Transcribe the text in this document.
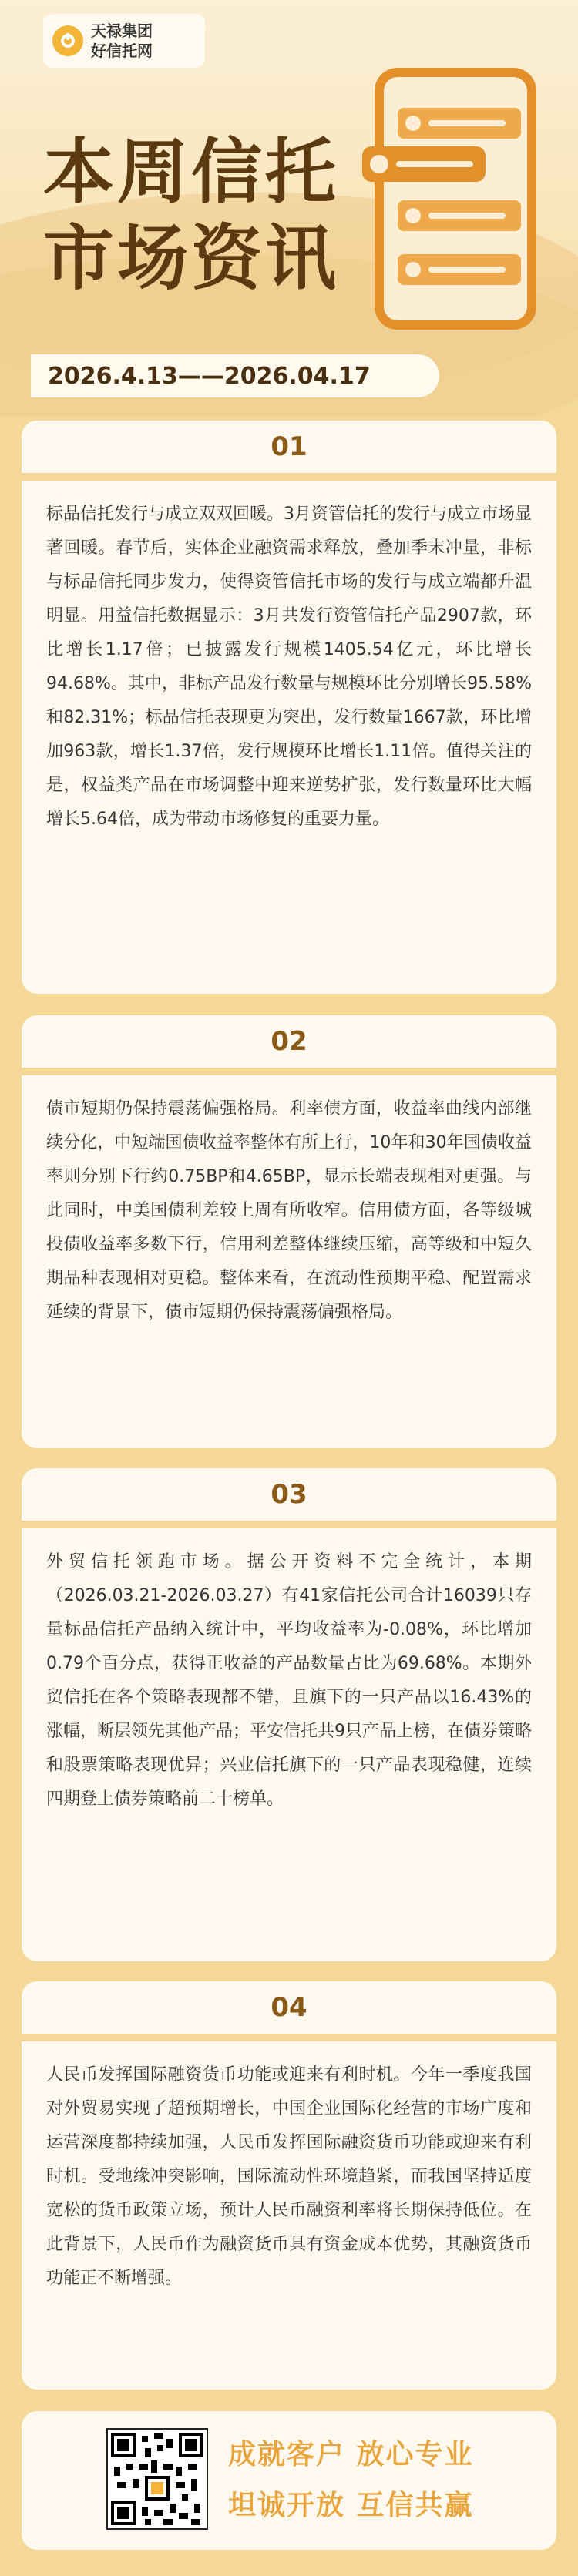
天禄集团
好信托网
本周信托
市场资讯
2026.4.13——2026.04.17
01
标品信托发行与成立双双回暖。3月资管信托的发行与成立市场显著回暖。春节后，实体企业融资需求释放，叠加季末冲量，非标与标品信托同步发力，使得资管信托市场的发行与成立端都升温明显。用益信托数据显示：3月共发行资管信托产品2907款，环比增长1.17倍；已披露发行规模1405.54亿元，环比增长94.68%。其中，非标产品发行数量与规模环比分别增长95.58%和82.31%；标品信托表现更为突出，发行数量1667款，环比增加963款，增长1.37倍，发行规模环比增长1.11倍。值得关注的是，权益类产品在市场调整中迎来逆势扩张，发行数量环比大幅增长5.64倍，成为带动市场修复的重要力量。
02
债市短期仍保持震荡偏强格局。利率债方面，收益率曲线内部继续分化，中短端国债收益率整体有所上行，10年和30年国债收益率则分别下行约0.75BP和4.65BP，显示长端表现相对更强。与此同时，中美国债利差较上周有所收窄。信用债方面，各等级城投债收益率多数下行，信用利差整体继续压缩，高等级和中短久期品种表现相对更稳。整体来看，在流动性预期平稳、配置需求延续的背景下，债市短期仍保持震荡偏强格局。
03
外贸信托领跑市场。据公开资料不完全统计，本期（2026.03.21-2026.03.27）有41家信托公司合计16039只存量标品信托产品纳入统计中，平均收益率为-0.08%，环比增加0.79个百分点，获得正收益的产品数量占比为69.68%。本期外贸信托在各个策略表现都不错，且旗下的一只产品以16.43%的涨幅，断层领先其他产品；平安信托共9只产品上榜，在债券策略和股票策略表现优异；兴业信托旗下的一只产品表现稳健，连续四期登上债券策略前二十榜单。
04
人民币发挥国际融资货币功能或迎来有利时机。今年一季度我国对外贸易实现了超预期增长，中国企业国际化经营的市场广度和运营深度都持续加强，人民币发挥国际融资货币功能或迎来有利时机。受地缘冲突影响，国际流动性环境趋紧，而我国坚持适度宽松的货币政策立场，预计人民币融资利率将长期保持低位。在此背景下，人民币作为融资货币具有资金成本优势，其融资货币功能正不断增强。
成就客户 放心专业
坦诚开放 互信共赢
